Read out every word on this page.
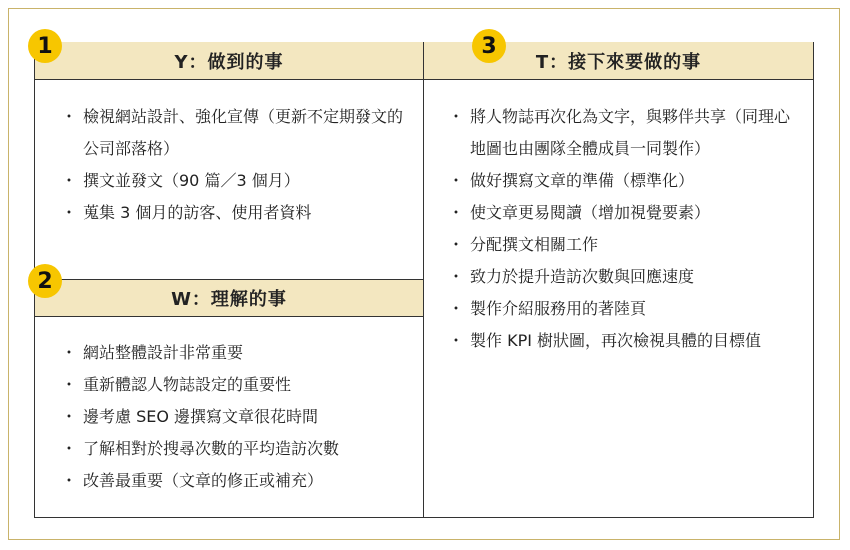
Y：做到的事	T：接下來要做的事
W：理解的事
1	3
2
・ 檢視網站設計、強化宣傳（更新不定期發文的公司部落格）
・ 撰文並發文（90 篇／3 個月）
・ 蒐集 3 個月的訪客、使用者資料
・ 網站整體設計非常重要
・ 重新體認人物誌設定的重要性
・ 邊考慮 SEO 邊撰寫文章很花時間
・ 了解相對於搜尋次數的平均造訪次數
・ 改善最重要（文章的修正或補充）
・ 將人物誌再次化為文字，與夥伴共享（同理心地圖也由團隊全體成員一同製作）
・ 做好撰寫文章的準備（標準化）
・ 使文章更易閱讀（增加視覺要素）
・ 分配撰文相關工作
・ 致力於提升造訪次數與回應速度
・ 製作介紹服務用的著陸頁
・ 製作 KPI 樹狀圖，再次檢視具體的目標值
